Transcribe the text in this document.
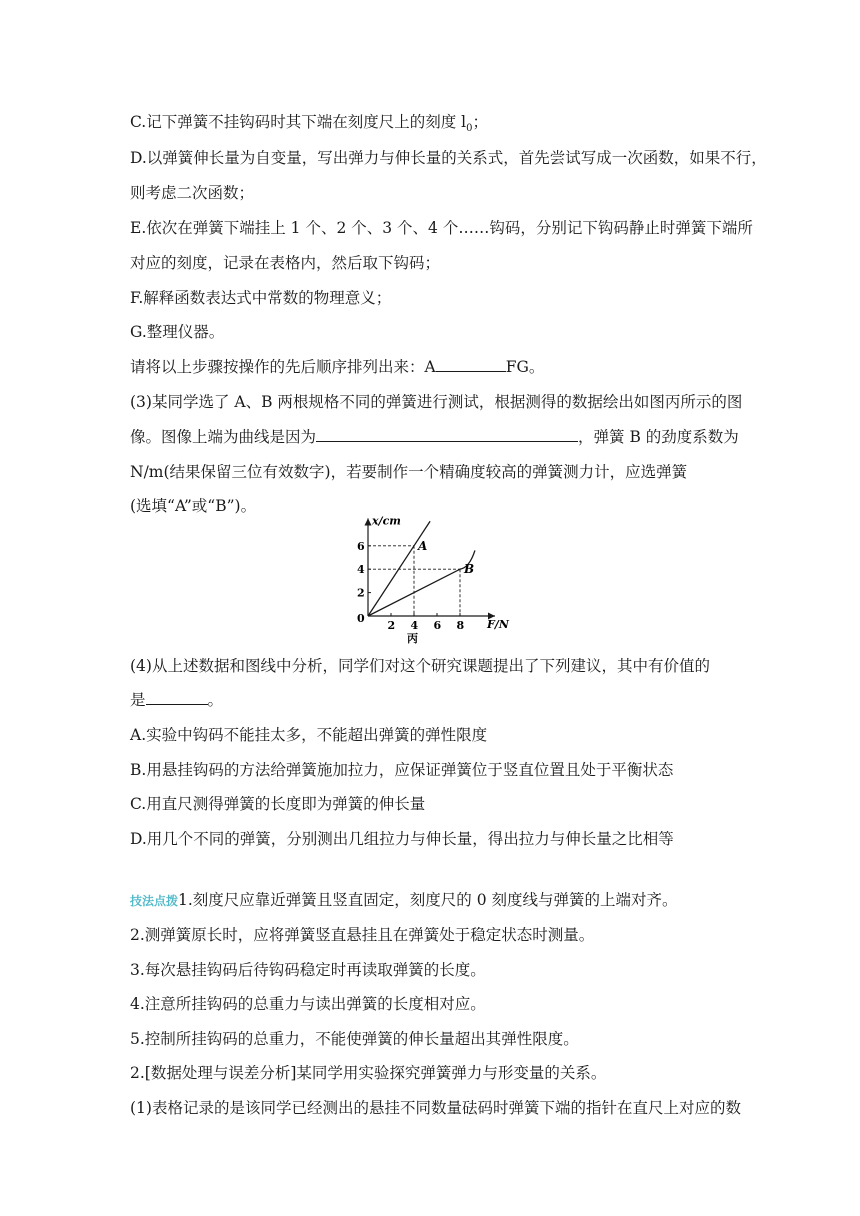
C.记下弹簧不挂钩码时其下端在刻度尺上的刻度 $l_0$；
D.以弹簧伸长量为自变量，写出弹力与伸长量的关系式，首先尝试写成一次函数，如果不行，
则考虑二次函数；
E.依次在弹簧下端挂上 1 个、2 个、3 个、4 个……钩码，分别记下钩码静止时弹簧下端所
对应的刻度，记录在表格内，然后取下钩码；
F.解释函数表达式中常数的物理意义；
G.整理仪器。
请将以上步骤按操作的先后顺序排列出来：A	FG。
(3)某同学选了 A、B 两根规格不同的弹簧进行测试，根据测得的数据绘出如图丙所示的图
像。图像上端为曲线是因为	，弹簧 B 的劲度系数为
N/m(结果保留三位有效数字)，若要制作一个精确度较高的弹簧测力计，应选弹簧
(选填“A”或“B”)。
x/cm
F/N
0
丙
2 4 6 8
2
4
6	A
B
(4)从上述数据和图线中分析，同学们对这个研究课题提出了下列建议，其中有价值的
是	。
A.实验中钩码不能挂太多，不能超出弹簧的弹性限度
B.用悬挂钩码的方法给弹簧施加拉力，应保证弹簧位于竖直位置且处于平衡状态
C.用直尺测得弹簧的长度即为弹簧的伸长量
D.用几个不同的弹簧，分别测出几组拉力与伸长量，得出拉力与伸长量之比相等
技法点拨1.刻度尺应靠近弹簧且竖直固定，刻度尺的 0 刻度线与弹簧的上端对齐。
2.测弹簧原长时，应将弹簧竖直悬挂且在弹簧处于稳定状态时测量。
3.每次悬挂钩码后待钩码稳定时再读取弹簧的长度。
4.注意所挂钩码的总重力与读出弹簧的长度相对应。
5.控制所挂钩码的总重力，不能使弹簧的伸长量超出其弹性限度。
2.[数据处理与误差分析]某同学用实验探究弹簧弹力与形变量的关系。
(1)表格记录的是该同学已经测出的悬挂不同数量砝码时弹簧下端的指针在直尺上对应的数
